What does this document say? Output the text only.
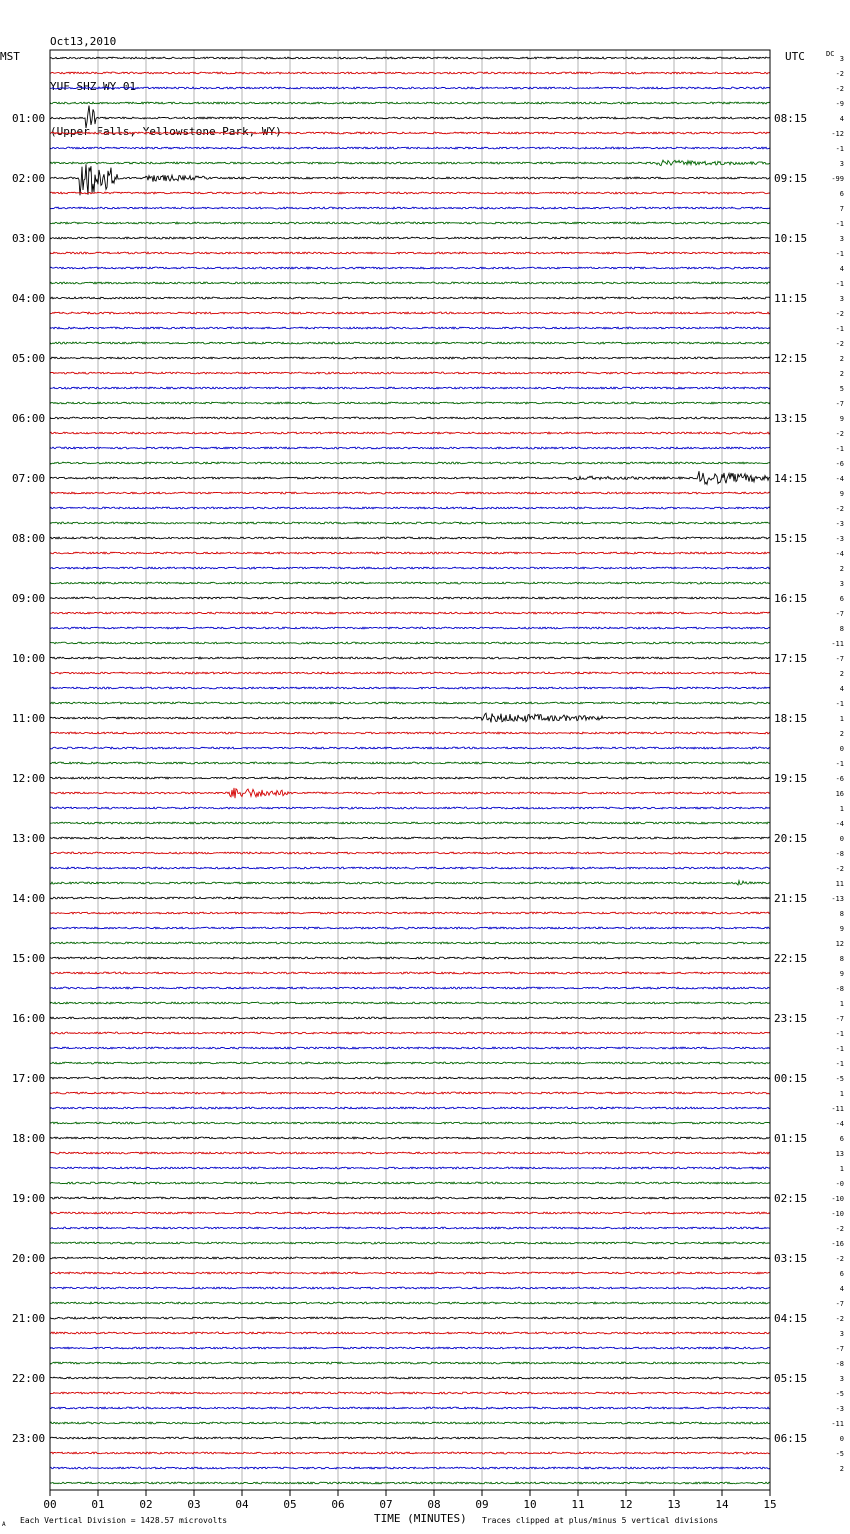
Oct13,2010

YUF SHZ WY 01

(Upper Falls, Yellowstone Park, WY)

MST	UTC	DC
TIME (MINUTES)
Each Vertical Division = 1428.57 microvolts	Traces clipped at plus/minus 5 vertical divisions
A
00	01	02	03	04	05	06	07	08	09	10	11	12	13	14	15
01:00
02:00
03:00
04:00
05:00
06:00
07:00
08:00
09:00
10:00
11:00
12:00
13:00
14:00
15:00
16:00
17:00
18:00
19:00
20:00
21:00
22:00
23:00
08:15
09:15
10:15
11:15
12:15
13:15
14:15
15:15
16:15
17:15
18:15
19:15
20:15
21:15
22:15
23:15
00:15
01:15
02:15
03:15
04:15
05:15
06:15
3
-2
-2
-9
4
-12
-1
3
-99
6
7
-1
3
-1
4
-1
3
-2
-1
-2
2
2
5
-7
9
-2
-1
-6
-4
9
-2
-3
-3
-4
2
3
6
-7
8
-11
-7
2
4
-1
1
2
0
-1
-6
16
1
-4
0
-8
-2
11
-13
8
9
12
8
9
-8
1
-7
-1
-1
-1
-5
1
-11
-4
6
13
1
-0
-10
-10
-2
-16
-2
6
4
-7
-2
3
-7
-8
3
-5
-3
-11
0
-5
2
